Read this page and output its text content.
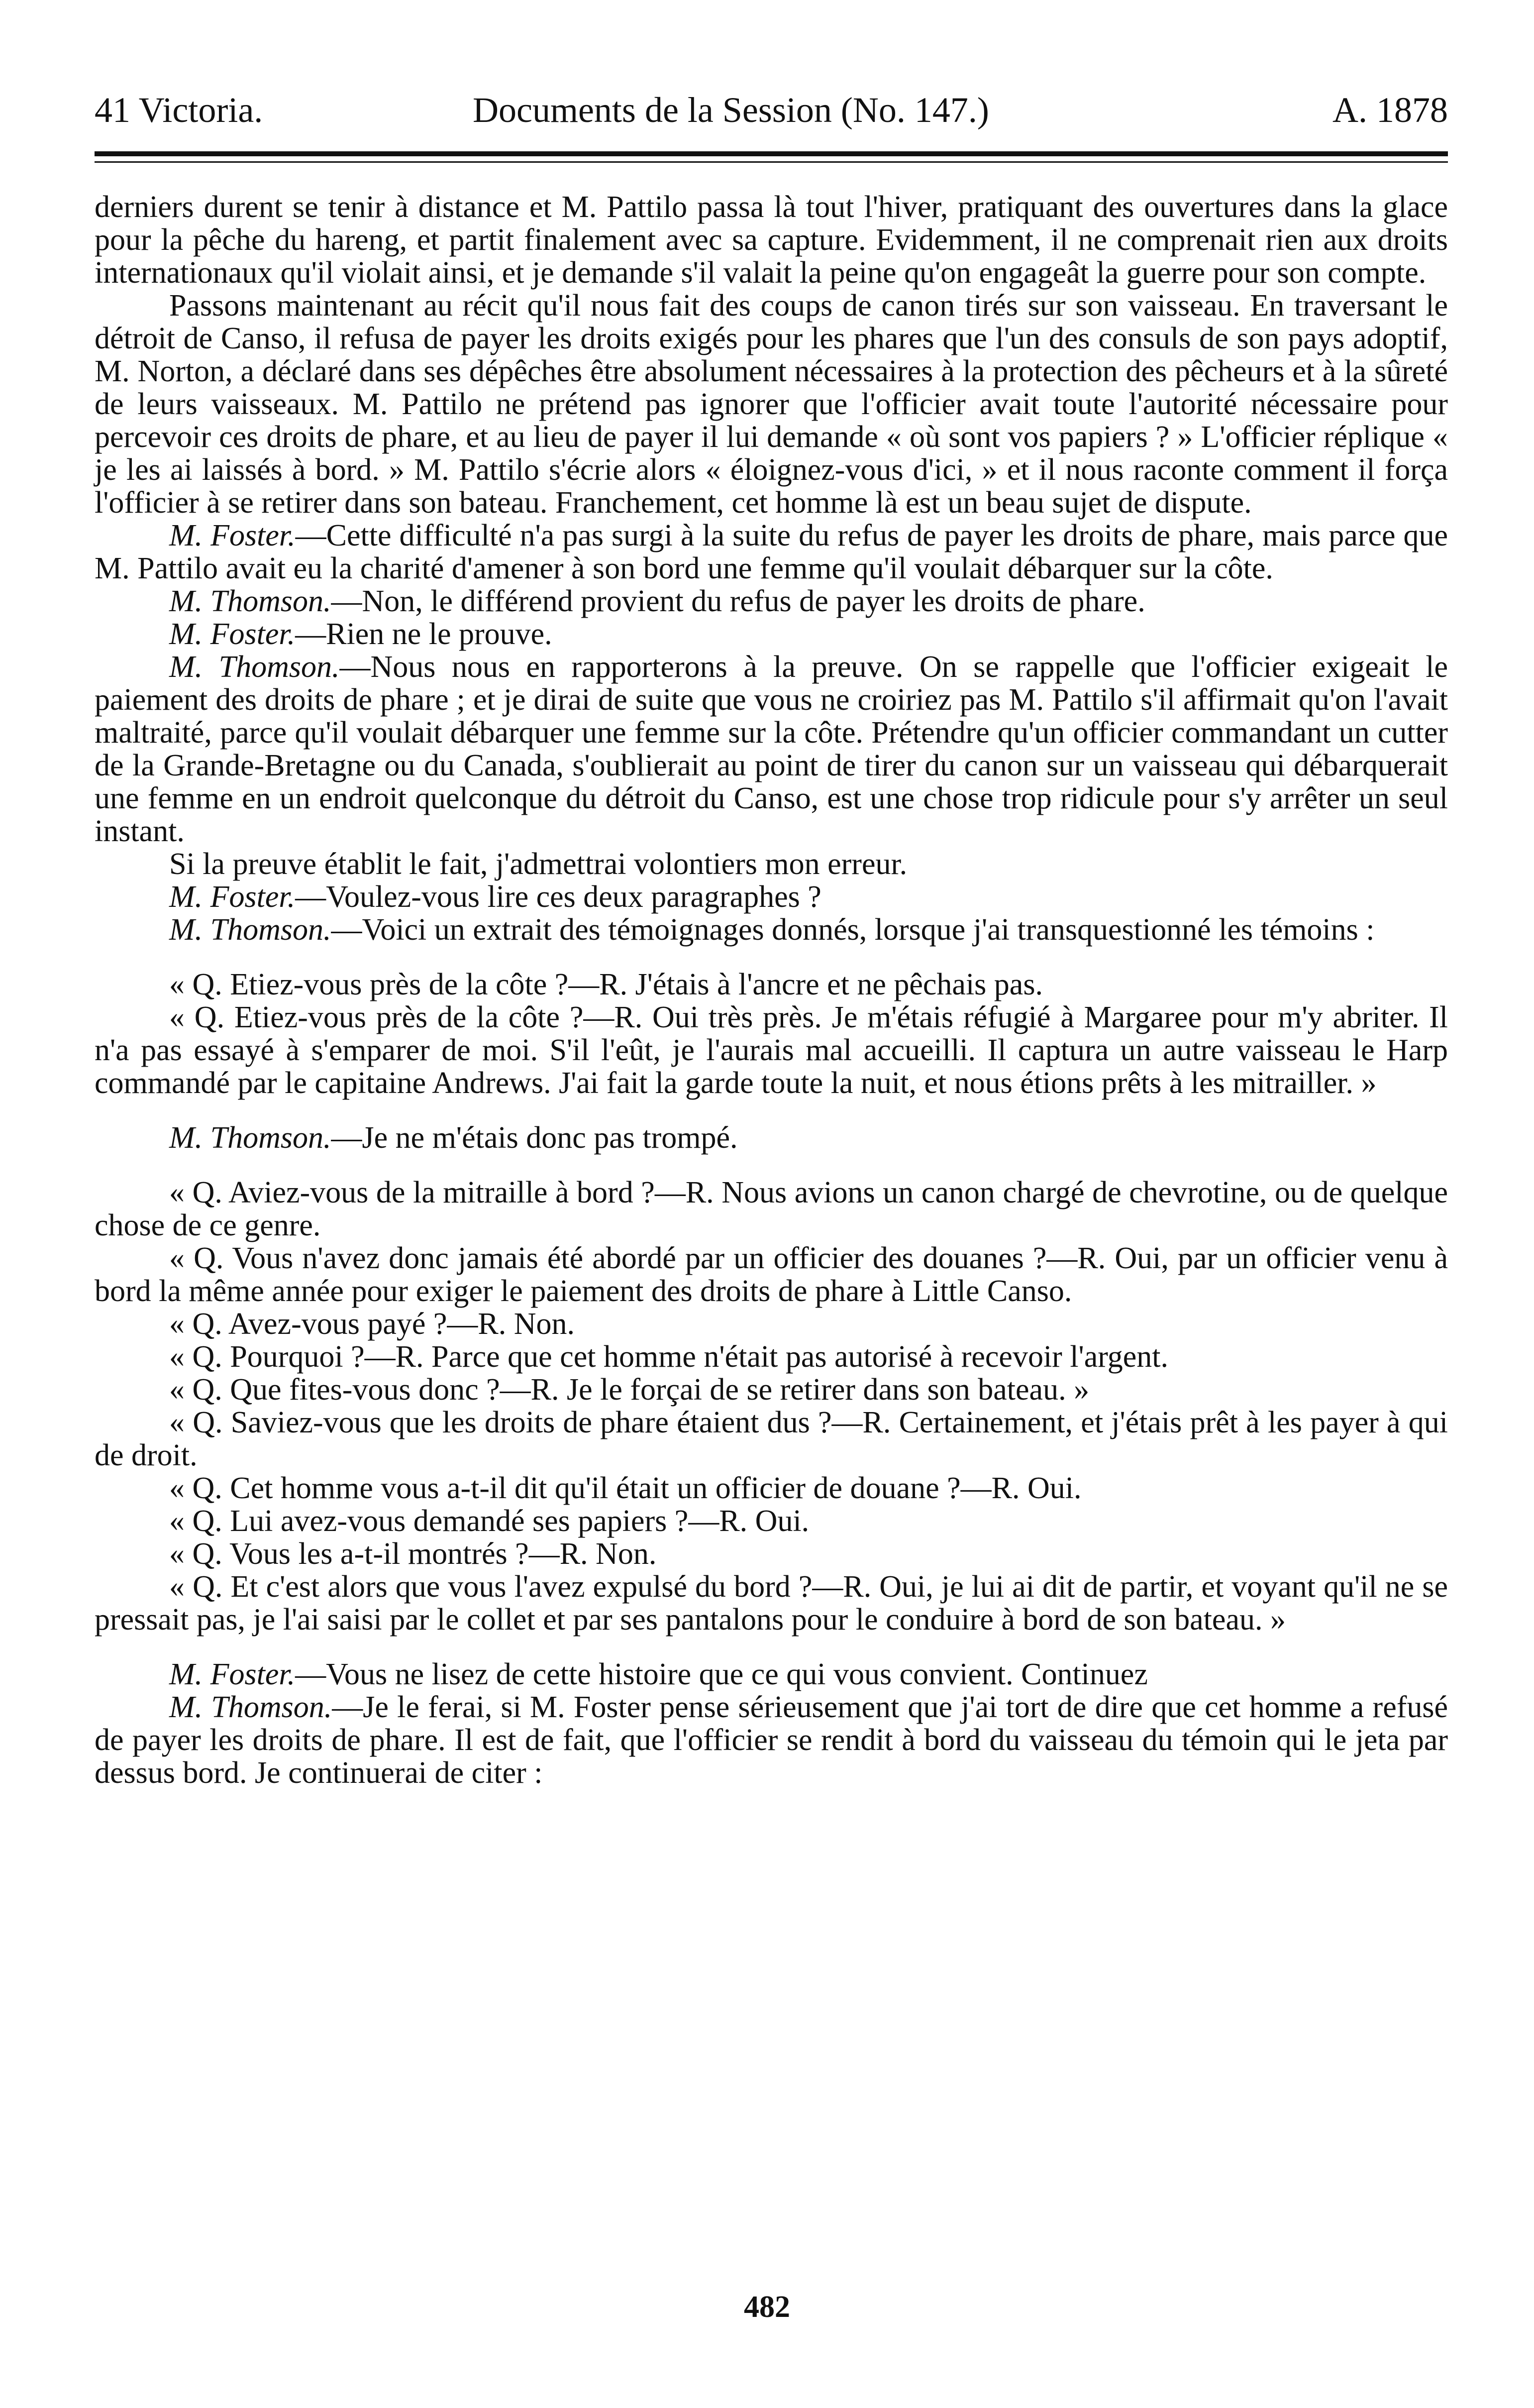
41 Victoria.	Documents de la Session (No. 147.)	A. 1878

derniers durent se tenir à distance et M. Pattilo passa là tout l'hiver, pratiquant des ouvertures dans la glace pour la pêche du hareng, et partit finalement avec sa capture. Evidemment, il ne comprenait rien aux droits internationaux qu'il violait ainsi, et je demande s'il valait la peine qu'on engageât la guerre pour son compte.

Passons maintenant au récit qu'il nous fait des coups de canon tirés sur son vaisseau. En traversant le détroit de Canso, il refusa de payer les droits exigés pour les phares que l'un des consuls de son pays adoptif, M. Norton, a déclaré dans ses dépêches être absolument nécessaires à la protection des pêcheurs et à la sûreté de leurs vaisseaux. M. Pattilo ne prétend pas ignorer que l'officier avait toute l'autorité nécessaire pour percevoir ces droits de phare, et au lieu de payer il lui demande « où sont vos papiers ? » L'officier réplique « je les ai laissés à bord. » M. Pattilo s'écrie alors « éloignez-vous d'ici, » et il nous raconte comment il força l'officier à se retirer dans son bateau. Franchement, cet homme là est un beau sujet de dispute.

M. Foster.—Cette difficulté n'a pas surgi à la suite du refus de payer les droits de phare, mais parce que M. Pattilo avait eu la charité d'amener à son bord une femme qu'il voulait débarquer sur la côte.

M. Thomson.—Non, le différend provient du refus de payer les droits de phare.

M. Foster.—Rien ne le prouve.

M. Thomson.—Nous nous en rapporterons à la preuve. On se rappelle que l'officier exigeait le paiement des droits de phare ; et je dirai de suite que vous ne croiriez pas M. Pattilo s'il affirmait qu'on l'avait maltraité, parce qu'il voulait débarquer une femme sur la côte. Prétendre qu'un officier commandant un cutter de la Grande-Bretagne ou du Canada, s'oublierait au point de tirer du canon sur un vaisseau qui débarquerait une femme en un endroit quelconque du détroit du Canso, est une chose trop ridicule pour s'y arrêter un seul instant.

Si la preuve établit le fait, j'admettrai volontiers mon erreur.

M. Foster.—Voulez-vous lire ces deux paragraphes ?

M. Thomson.—Voici un extrait des témoignages donnés, lorsque j'ai transquestionné les témoins :

« Q. Etiez-vous près de la côte ?—R. J'étais à l'ancre et ne pêchais pas.

« Q. Etiez-vous près de la côte ?—R. Oui très près. Je m'étais réfugié à Margaree pour m'y abriter. Il n'a pas essayé à s'emparer de moi. S'il l'eût, je l'aurais mal accueilli. Il captura un autre vaisseau le Harp commandé par le capitaine Andrews. J'ai fait la garde toute la nuit, et nous étions prêts à les mitrailler. »

M. Thomson.—Je ne m'étais donc pas trompé.

« Q. Aviez-vous de la mitraille à bord ?—R. Nous avions un canon chargé de chevrotine, ou de quelque chose de ce genre.

« Q. Vous n'avez donc jamais été abordé par un officier des douanes ?—R. Oui, par un officier venu à bord la même année pour exiger le paiement des droits de phare à Little Canso.

« Q. Avez-vous payé ?—R. Non.

« Q. Pourquoi ?—R. Parce que cet homme n'était pas autorisé à recevoir l'argent.

« Q. Que fites-vous donc ?—R. Je le forçai de se retirer dans son bateau. »

« Q. Saviez-vous que les droits de phare étaient dus ?—R. Certainement, et j'étais prêt à les payer à qui de droit.

« Q. Cet homme vous a-t-il dit qu'il était un officier de douane ?—R. Oui.

« Q. Lui avez-vous demandé ses papiers ?—R. Oui.

« Q. Vous les a-t-il montrés ?—R. Non.

« Q. Et c'est alors que vous l'avez expulsé du bord ?—R. Oui, je lui ai dit de partir, et voyant qu'il ne se pressait pas, je l'ai saisi par le collet et par ses pantalons pour le conduire à bord de son bateau. »

M. Foster.—Vous ne lisez de cette histoire que ce qui vous convient. Continuez

M. Thomson.—Je le ferai, si M. Foster pense sérieusement que j'ai tort de dire que cet homme a refusé de payer les droits de phare. Il est de fait, que l'officier se rendit à bord du vaisseau du témoin qui le jeta par dessus bord. Je continuerai de citer :

482
